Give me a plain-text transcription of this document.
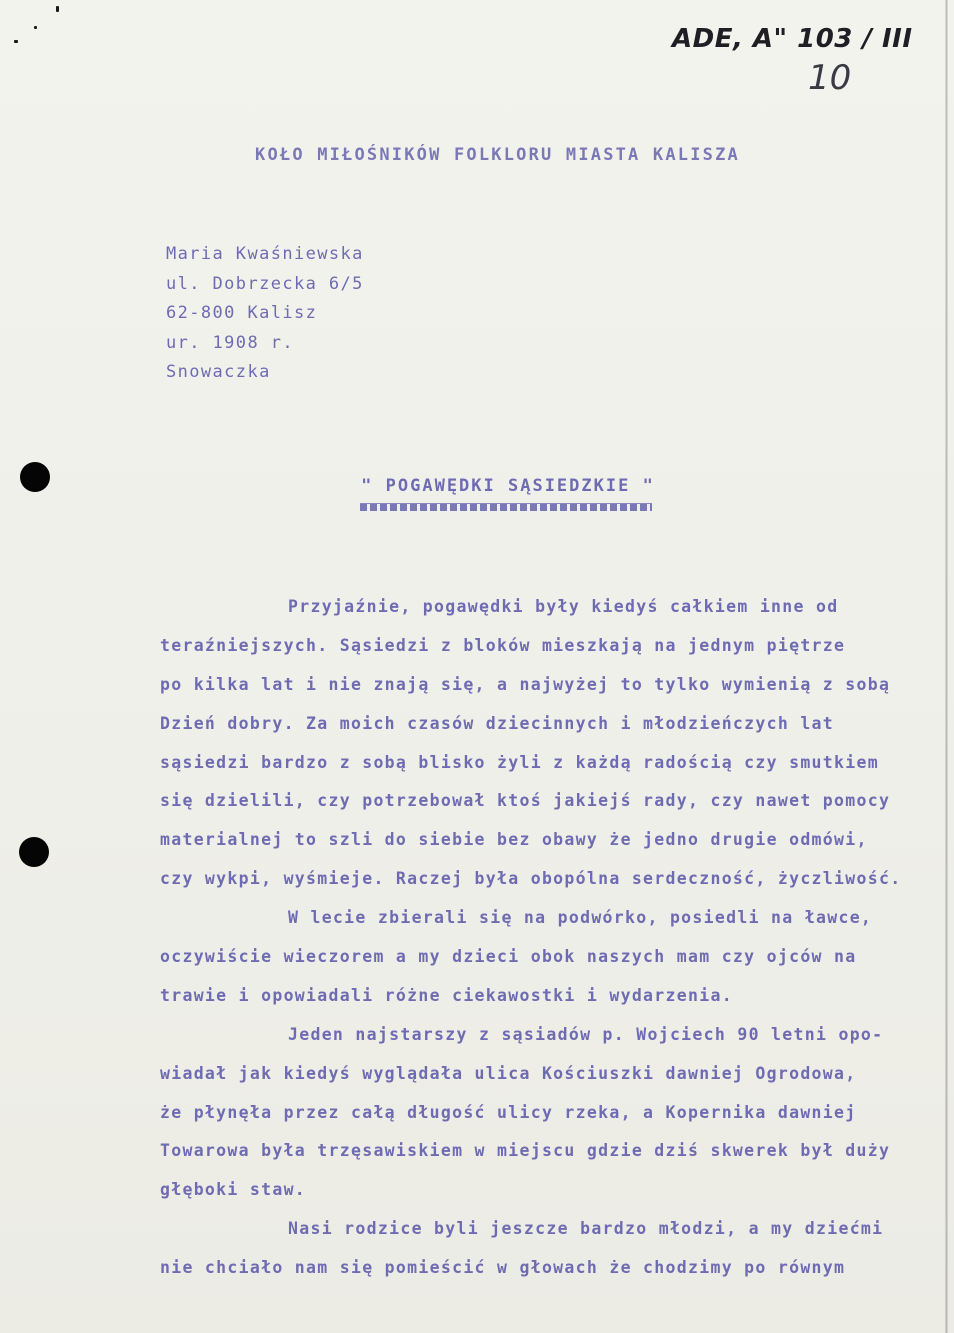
ADE, A" 103 / III
10
KOŁO MIŁOŚNIKÓW FOLKLORU MIASTA KALISZA
Maria Kwaśniewska
ul. Dobrzecka 6/5
62-800 Kalisz
ur. 1908 r.
Snowaczka
" POGAWĘDKI SĄSIEDZKIE "
Przyjaźnie, pogawędki były kiedyś całkiem inne od
teraźniejszych. Sąsiedzi z bloków mieszkają na jednym piętrze
po kilka lat i nie znają się, a najwyżej to tylko wymienią z sobą
Dzień dobry. Za moich czasów dziecinnych i młodzieńczych lat
sąsiedzi bardzo z sobą blisko żyli z każdą radością czy smutkiem
się dzielili, czy potrzebował ktoś jakiejś rady, czy nawet pomocy
materialnej to szli do siebie bez obawy że jedno drugie odmówi,
czy wykpi, wyśmieje. Raczej była obopólna serdeczność, życzliwość.
W lecie zbierali się na podwórko, posiedli na ławce,
oczywiście wieczorem a my dzieci obok naszych mam czy ojców na
trawie i opowiadali różne ciekawostki i wydarzenia.
Jeden najstarszy z sąsiadów p. Wojciech 90 letni opo-
wiadał jak kiedyś wyglądała ulica Kościuszki dawniej Ogrodowa,
że płynęła przez całą długość ulicy rzeka, a Kopernika dawniej
Towarowa była trzęsawiskiem w miejscu gdzie dziś skwerek był duży
głęboki staw.
Nasi rodzice byli jeszcze bardzo młodzi, a my dziećmi
nie chciało nam się pomieścić w głowach że chodzimy po równym
